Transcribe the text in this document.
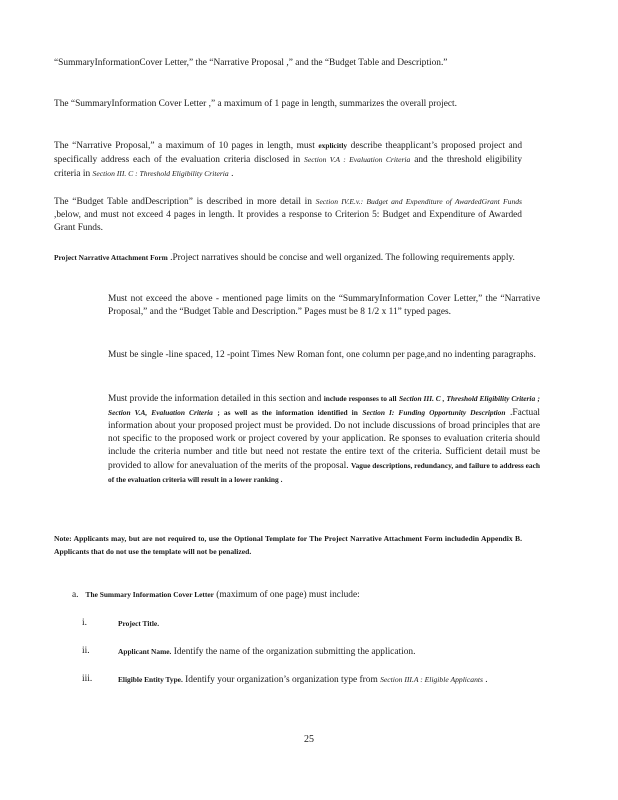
“SummaryInformationCover Letter,” the “Narrative Proposal ,” and the “Budget Table and Description.”
The “SummaryInformation Cover Letter ,” a maximum of 1 page in length, summarizes the overall project.
The “Narrative Proposal,” a maximum of 10 pages in length, must explicitly describe theapplicant’s proposed project and specifically address each of the evaluation criteria disclosed in Section V.A : Evaluation Criteria and the threshold eligibility criteria in Section III. C : Threshold Eligibility Criteria .
The “Budget Table andDescription” is described in more detail in Section IV.E.v.: Budget and Expenditure of AwardedGrant Funds ,below, and must not exceed 4 pages in length. It provides a response to Criterion 5: Budget and Expenditure of Awarded Grant Funds.
Project Narrative Attachment Form .Project narratives should be concise and well organized. The following requirements apply.
Must not exceed the above - mentioned page limits on the “SummaryInformation Cover Letter,” the “Narrative Proposal,” and the “Budget Table and Description.” Pages must be 8 1/2 x 11” typed pages.
Must be single -line spaced, 12 -point Times New Roman font, one column per page,and no indenting paragraphs.
Must provide the information detailed in this section and include responses to all Section III. C , Threshold Eligibility Criteria ; Section V.A, Evaluation Criteria ; as well as the information identified in Section I: Funding Opportunity Description .Factual information about your proposed project must be provided. Do not include discussions of broad principles that are not specific to the proposed work or project covered by your application. Re sponses to evaluation criteria should include the criteria number and title but need not restate the entire text of the criteria. Sufficient detail must be provided to allow for anevaluation of the merits of the proposal. Vague descriptions, redundancy, and failure to address each of the evaluation criteria will result in a lower ranking .
Note: Applicants may, but are not required to, use the Optional Template for The Project Narrative Attachment Form includedin Appendix B. Applicants that do not use the template will not be penalized.
a. The Summary Information Cover Letter (maximum of one page) must include:
i.	Project Title.
ii.	Applicant Name. Identify the name of the organization submitting the application.
iii.	Eligible Entity Type. Identify your organization’s organization type from Section III.A : Eligible Applicants .
25
